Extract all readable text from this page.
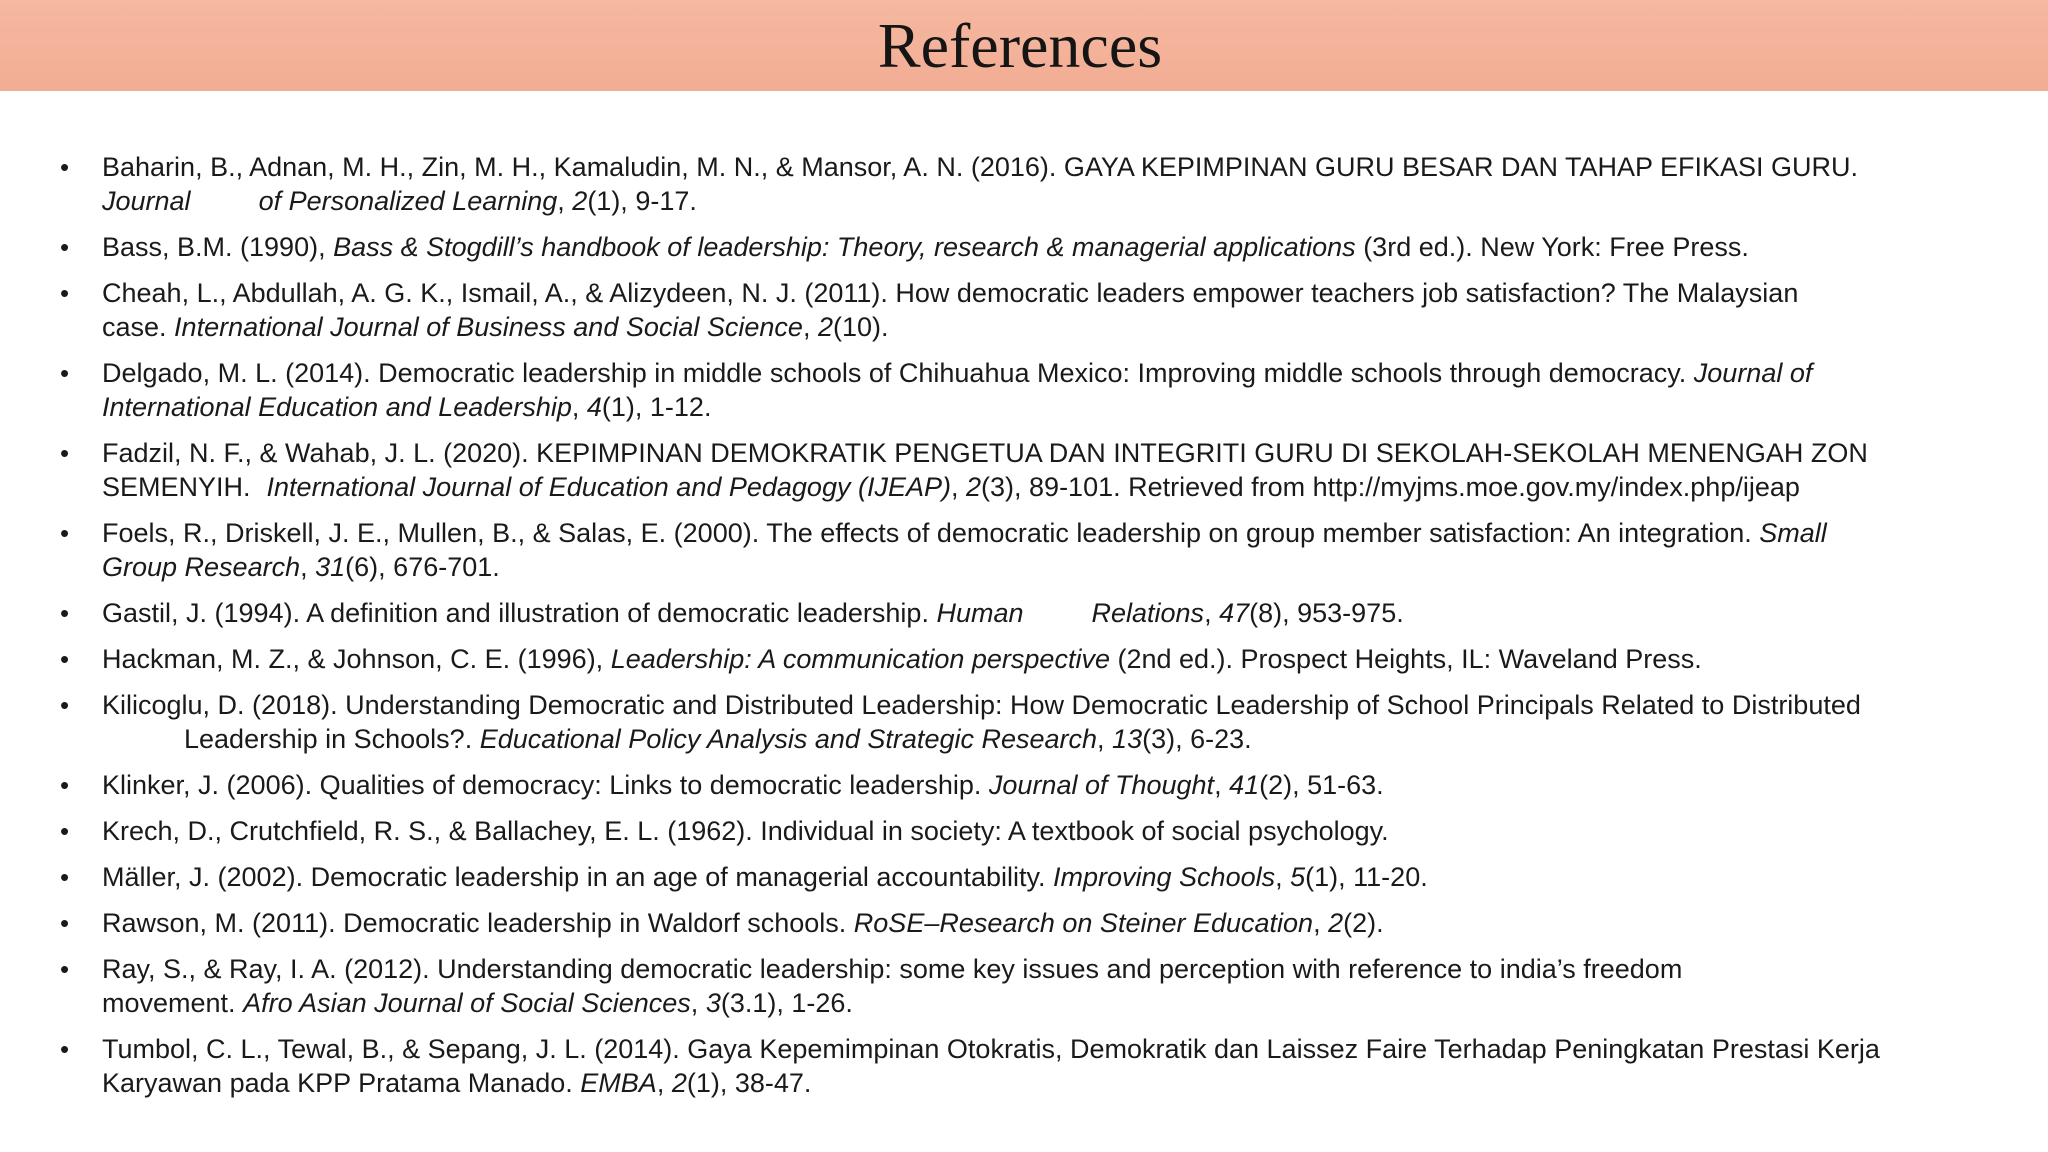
References
•	Baharin, B., Adnan, M. H., Zin, M. H., Kamaludin, M. N., & Mansor, A. N. (2016). GAYA KEPIMPINAN GURU BESAR DAN TAHAP EFIKASI GURU.
Journal	of Personalized Learning, 2(1), 9-17.
•	Bass, B.M. (1990), Bass & Stogdill’s handbook of leadership: Theory, research & managerial applications (3rd ed.). New York: Free Press.
•	Cheah, L., Abdullah, A. G. K., Ismail, A., & Alizydeen, N. J. (2011). How democratic leaders empower teachers job satisfaction? The Malaysian
case. International Journal of Business and Social Science, 2(10).
•	Delgado, M. L. (2014). Democratic leadership in middle schools of Chihuahua Mexico: Improving middle schools through democracy. Journal of
International Education and Leadership, 4(1), 1-12.
•	Fadzil, N. F., & Wahab, J. L. (2020). KEPIMPINAN DEMOKRATIK PENGETUA DAN INTEGRITI GURU DI SEKOLAH-SEKOLAH MENENGAH ZON
SEMENYIH. International Journal of Education and Pedagogy (IJEAP), 2(3), 89-101. Retrieved from http://myjms.moe.gov.my/index.php/ijeap
•	Foels, R., Driskell, J. E., Mullen, B., & Salas, E. (2000). The effects of democratic leadership on group member satisfaction: An integration. Small
Group Research, 31(6), 676-701.
•	Gastil, J. (1994). A definition and illustration of democratic leadership. Human	Relations, 47(8), 953-975.
•	Hackman, M. Z., & Johnson, C. E. (1996), Leadership: A communication perspective (2nd ed.). Prospect Heights, IL: Waveland Press.
•	Kilicoglu, D. (2018). Understanding Democratic and Distributed Leadership: How Democratic Leadership of School Principals Related to Distributed
Leadership in Schools?. Educational Policy Analysis and Strategic Research, 13(3), 6-23.
•	Klinker, J. (2006). Qualities of democracy: Links to democratic leadership. Journal of Thought, 41(2), 51-63.
•	Krech, D., Crutchfield, R. S., & Ballachey, E. L. (1962). Individual in society: A textbook of social psychology.
•	Mäller, J. (2002). Democratic leadership in an age of managerial accountability. Improving Schools, 5(1), 11-20.
•	Rawson, M. (2011). Democratic leadership in Waldorf schools. RoSE–Research on Steiner Education, 2(2).
•	Ray, S., & Ray, I. A. (2012). Understanding democratic leadership: some key issues and perception with reference to india’s freedom
movement. Afro Asian Journal of Social Sciences, 3(3.1), 1-26.
•	Tumbol, C. L., Tewal, B., & Sepang, J. L. (2014). Gaya Kepemimpinan Otokratis, Demokratik dan Laissez Faire Terhadap Peningkatan Prestasi Kerja
Karyawan pada KPP Pratama Manado. EMBA, 2(1), 38-47.
